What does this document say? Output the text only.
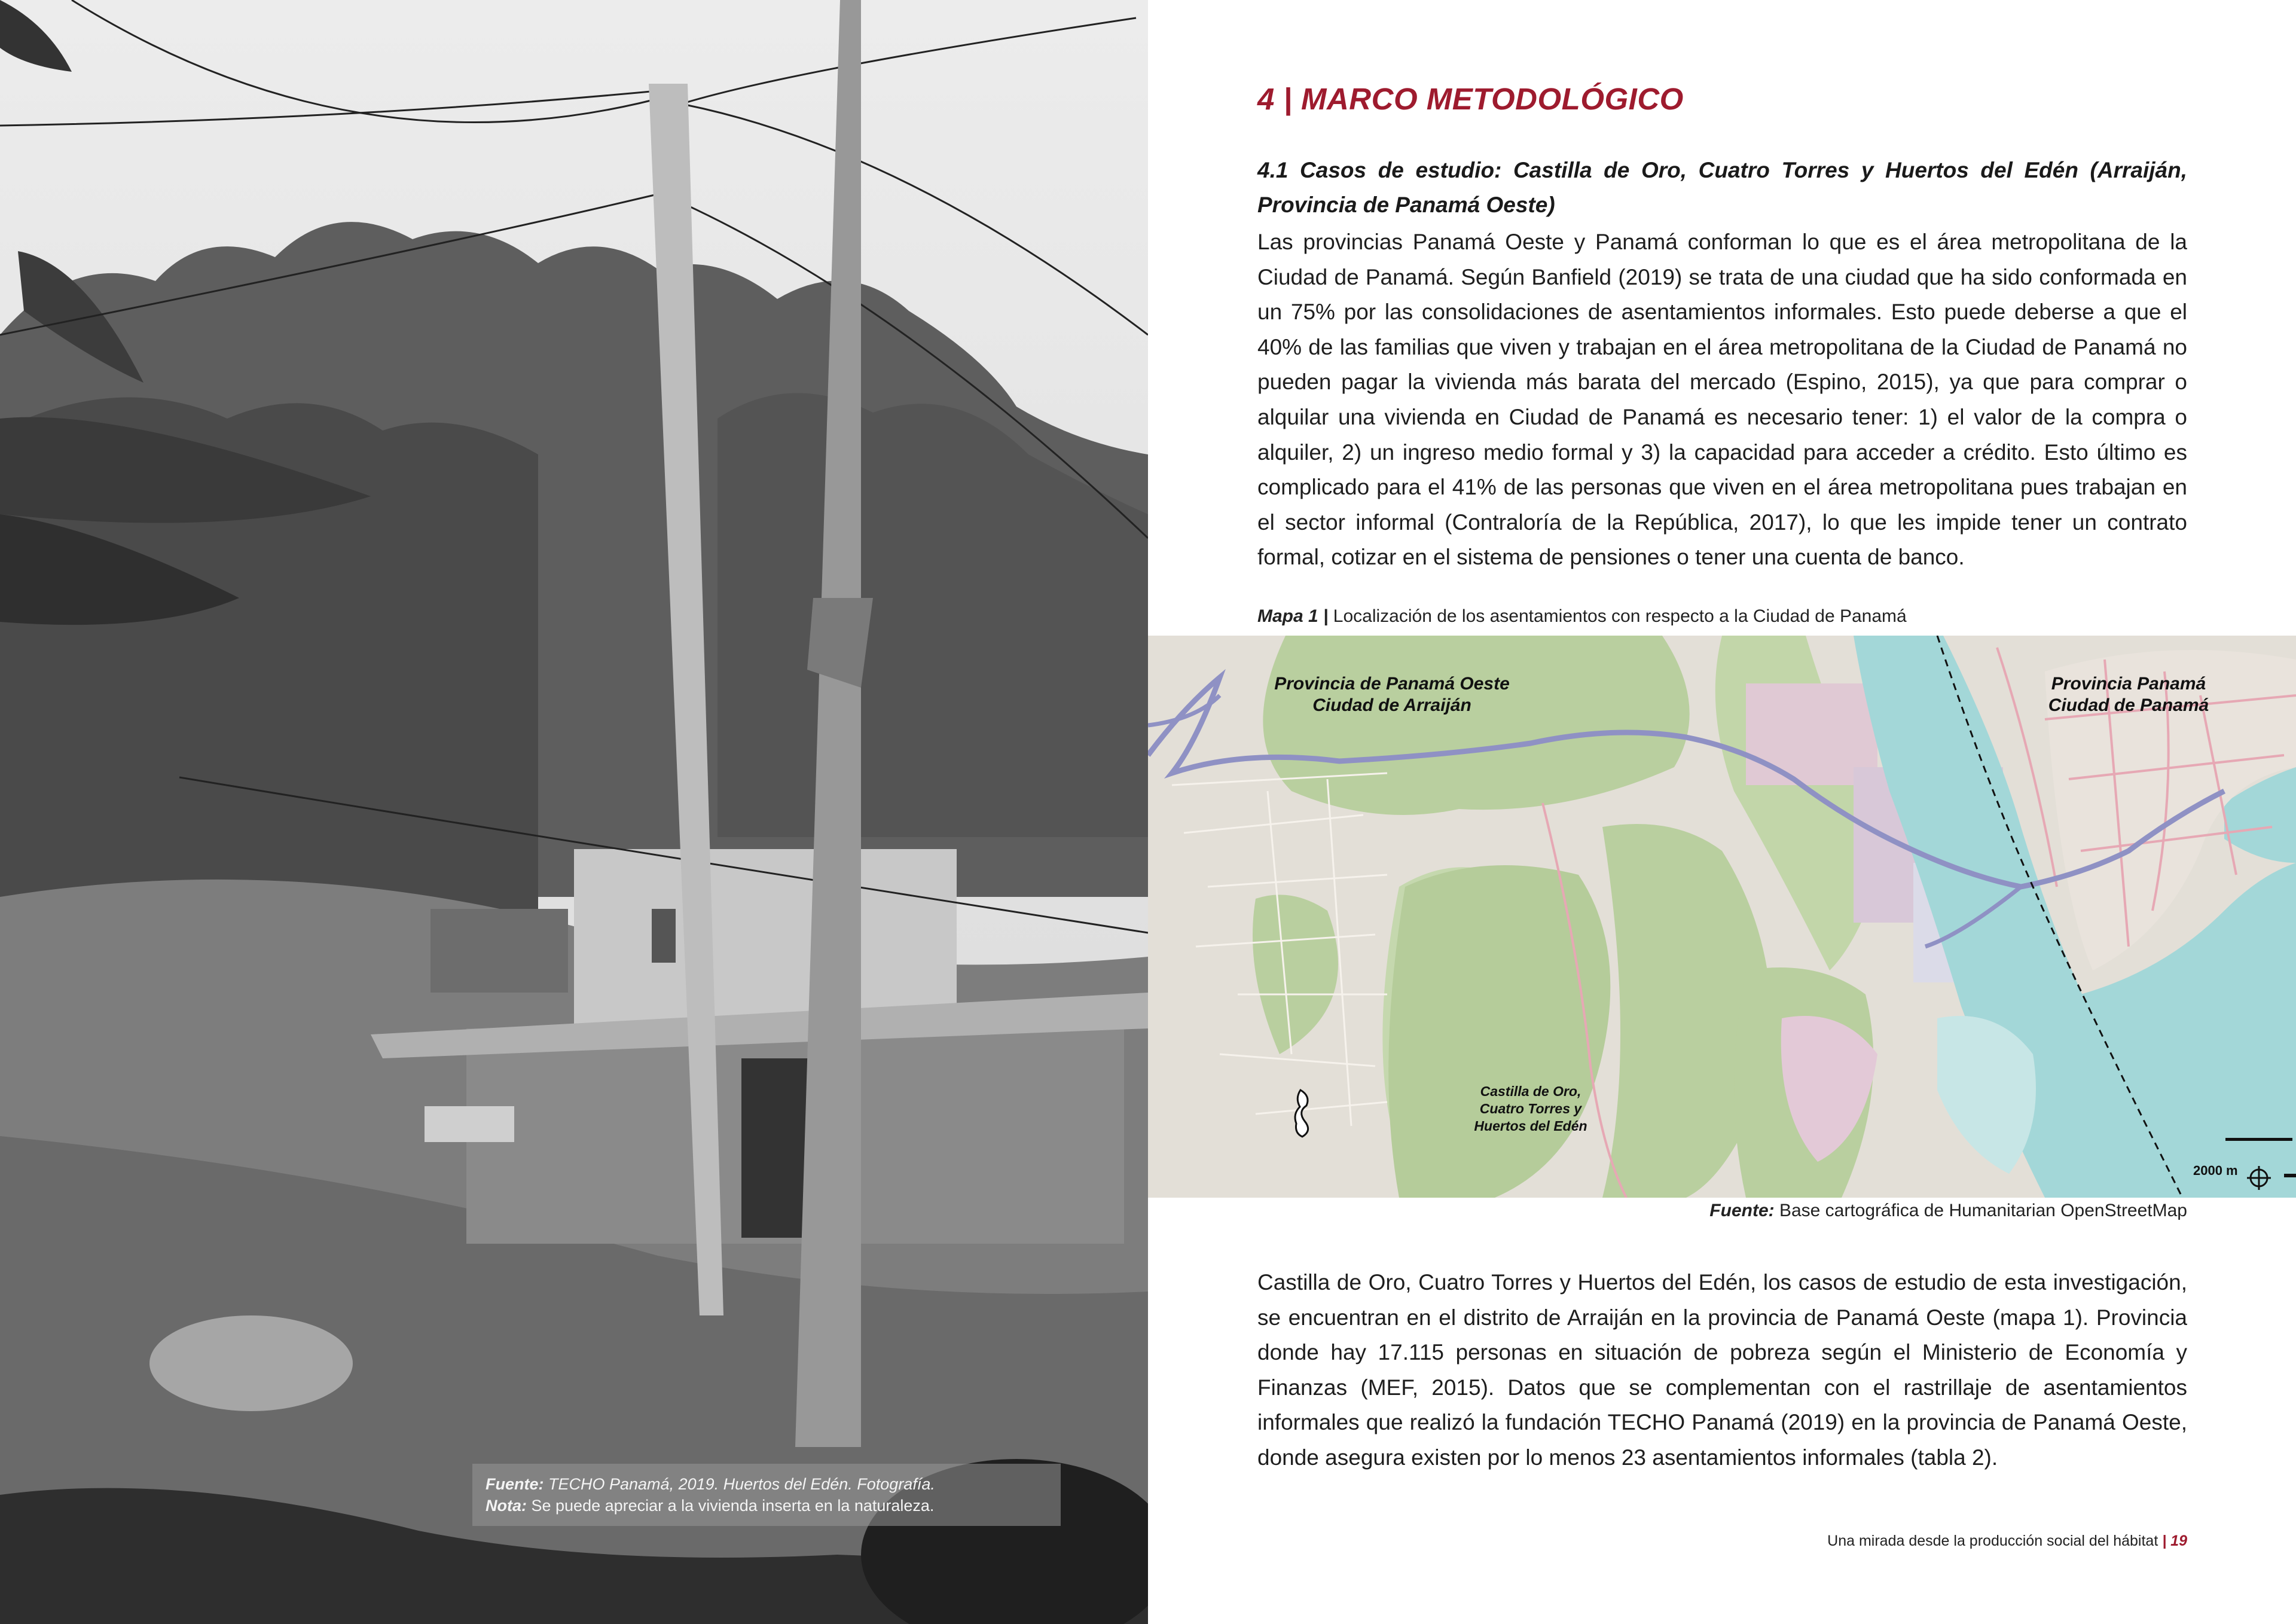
Fuente: TECHO Panamá, 2019. Huertos del Edén. Fotografía.
Nota: Se puede apreciar a la vivienda inserta en la naturaleza.
4 | MARCO METODOLÓGICO
4.1 Casos de estudio: Castilla de Oro, Cuatro Torres y Huertos del Edén (Arraiján, Provincia de Panamá Oeste)

Las provincias Panamá Oeste y Panamá conforman lo que es el área metropolitana de la Ciudad de Panamá. Según Banfield (2019) se trata de una ciudad que ha sido conformada en un 75% por las consolidaciones de asentamientos informales. Esto puede deberse a que el 40% de las familias que viven y trabajan en el área metropolitana de la Ciudad de Panamá no pueden pagar la vivienda más barata del mercado (Espino, 2015), ya que para comprar o alquilar una vivienda en Ciudad de Panamá es necesario tener: 1) el valor de la compra o alquiler, 2) un ingreso medio formal y 3) la capacidad para acceder a crédito. Esto último es complicado para el 41% de las personas que viven en el área metropolitana pues trabajan en el sector informal (Contraloría de la República, 2017), lo que les impide tener un contrato formal, cotizar en el sistema de pensiones o tener una cuenta de banco.

Mapa 1 | Localización de los asentamientos con respecto a la Ciudad de Panamá
Provincia de Panamá Oeste
Ciudad de Arraiján
Provincia Panamá
Ciudad de Panamá
Castilla de Oro,
Cuatro Torres y
Huertos del Edén
2000 m
Fuente: Base cartográfica de Humanitarian OpenStreetMap

Castilla de Oro, Cuatro Torres y Huertos del Edén, los casos de estudio de esta investigación, se encuentran en el distrito de Arraiján en la provincia de Panamá Oeste (mapa 1). Provincia donde hay 17.115 personas en situación de pobreza según el Ministerio de Economía y Finanzas (MEF, 2015). Datos que se complementan con el rastrillaje de asentamientos informales que realizó la fundación TECHO Panamá (2019) en la provincia de Panamá Oeste, donde asegura existen por lo menos 23 asentamientos informales (tabla 2).

Una mirada desde la producción social del hábitat | 19
